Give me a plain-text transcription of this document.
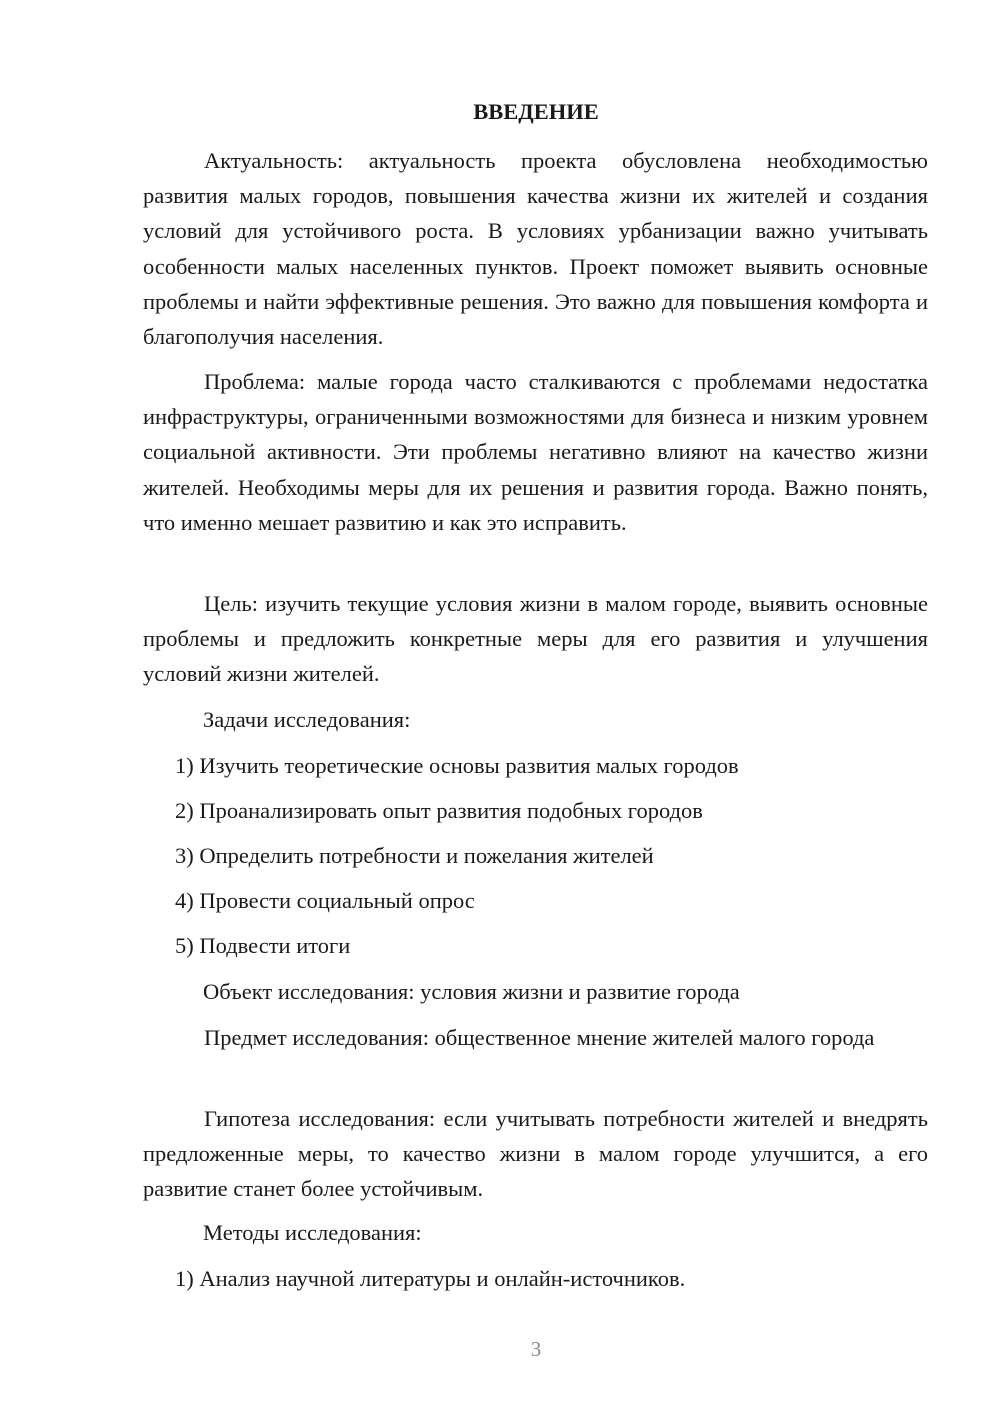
ВВЕДЕНИЕ

Актуальность: актуальность проекта обусловлена необходимостью развития малых городов, повышения качества жизни их жителей и создания условий для устойчивого роста. В условиях урбанизации важно учитывать особенности малых населенных пунктов. Проект поможет выявить основные проблемы и найти эффективные решения. Это важно для повышения комфорта и благополучия населения.

Проблема: малые города часто сталкиваются с проблемами недостатка инфраструктуры, ограниченными возможностями для бизнеса и низким уровнем социальной активности. Эти проблемы негативно влияют на качество жизни жителей. Необходимы меры для их решения и развития города. Важно понять, что именно мешает развитию и как это исправить.

Цель: изучить текущие условия жизни в малом городе, выявить основные проблемы и предложить конкретные меры для его развития и улучшения условий жизни жителей.

Задачи исследования:

1) Изучить теоретические основы развития малых городов

2) Проанализировать опыт развития подобных городов

3) Определить потребности и пожелания жителей

4) Провести социальный опрос

5) Подвести итоги

Объект исследования: условия жизни и развитие города

Предмет исследования: общественное мнение жителей малого города

Гипотеза исследования: если учитывать потребности жителей и внедрять предложенные меры, то качество жизни в малом городе улучшится, а его развитие станет более устойчивым.

Методы исследования:

1) Анализ научной литературы и онлайн-источников.

3
